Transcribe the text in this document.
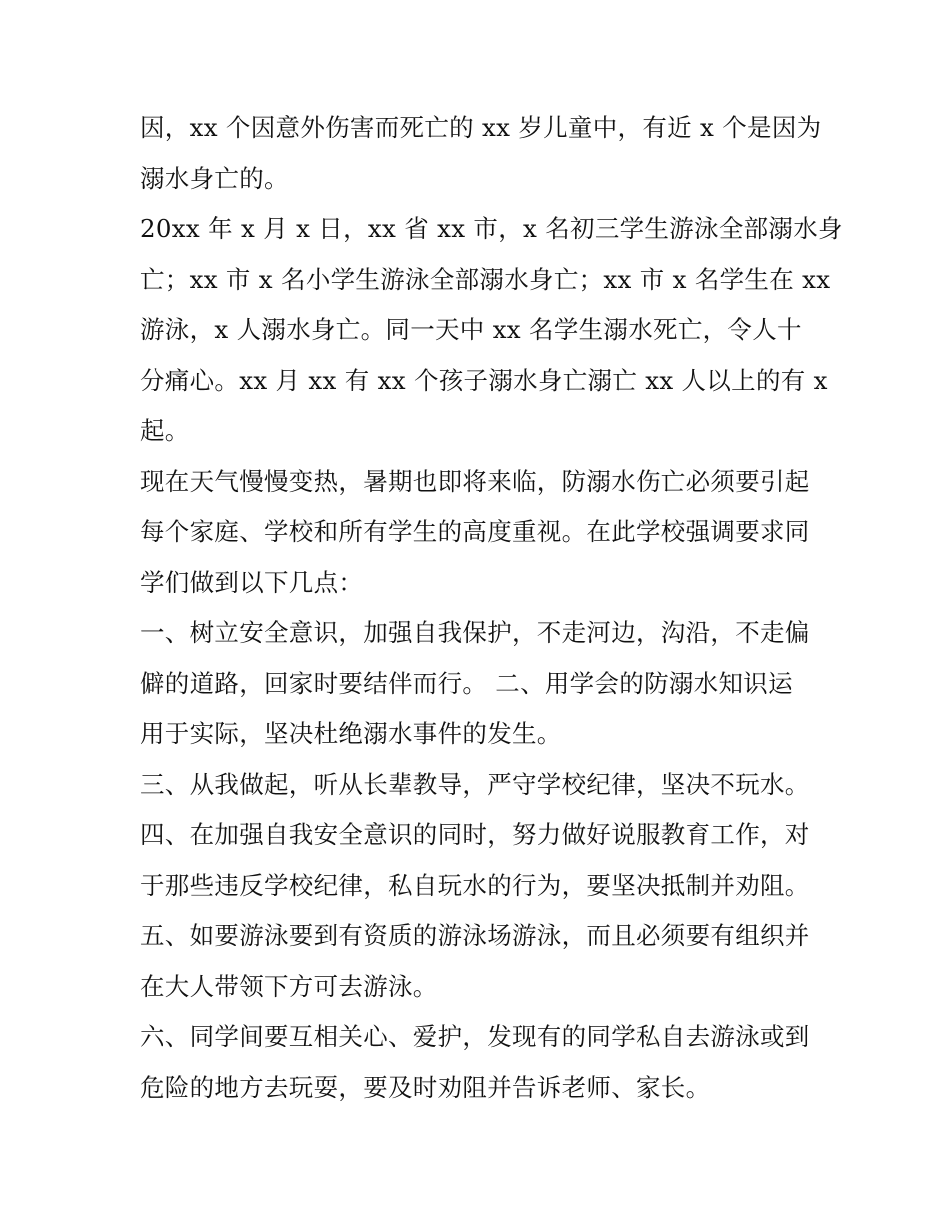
因，xx 个因意外伤害而死亡的 xx 岁儿童中，有近 x 个是因为
溺水身亡的。
20xx 年 x 月 x 日，xx 省 xx 市，x 名初三学生游泳全部溺水身
亡；xx 市 x 名小学生游泳全部溺水身亡；xx 市 x 名学生在 xx
游泳，x 人溺水身亡。同一天中 xx 名学生溺水死亡，令人十
分痛心。xx 月 xx 有 xx 个孩子溺水身亡溺亡 xx 人以上的有 x
起。
现在天气慢慢变热，暑期也即将来临，防溺水伤亡必须要引起
每个家庭、学校和所有学生的高度重视。在此学校强调要求同
学们做到以下几点：
一、树立安全意识，加强自我保护，不走河边，沟沿，不走偏
僻的道路，回家时要结伴而行。 二、用学会的防溺水知识运
用于实际，坚决杜绝溺水事件的发生。
三、从我做起，听从长辈教导，严守学校纪律，坚决不玩水。
四、在加强自我安全意识的同时，努力做好说服教育工作，对
于那些违反学校纪律，私自玩水的行为，要坚决抵制并劝阻。
五、如要游泳要到有资质的游泳场游泳，而且必须要有组织并
在大人带领下方可去游泳。
六、同学间要互相关心、爱护，发现有的同学私自去游泳或到
危险的地方去玩耍，要及时劝阻并告诉老师、家长。
